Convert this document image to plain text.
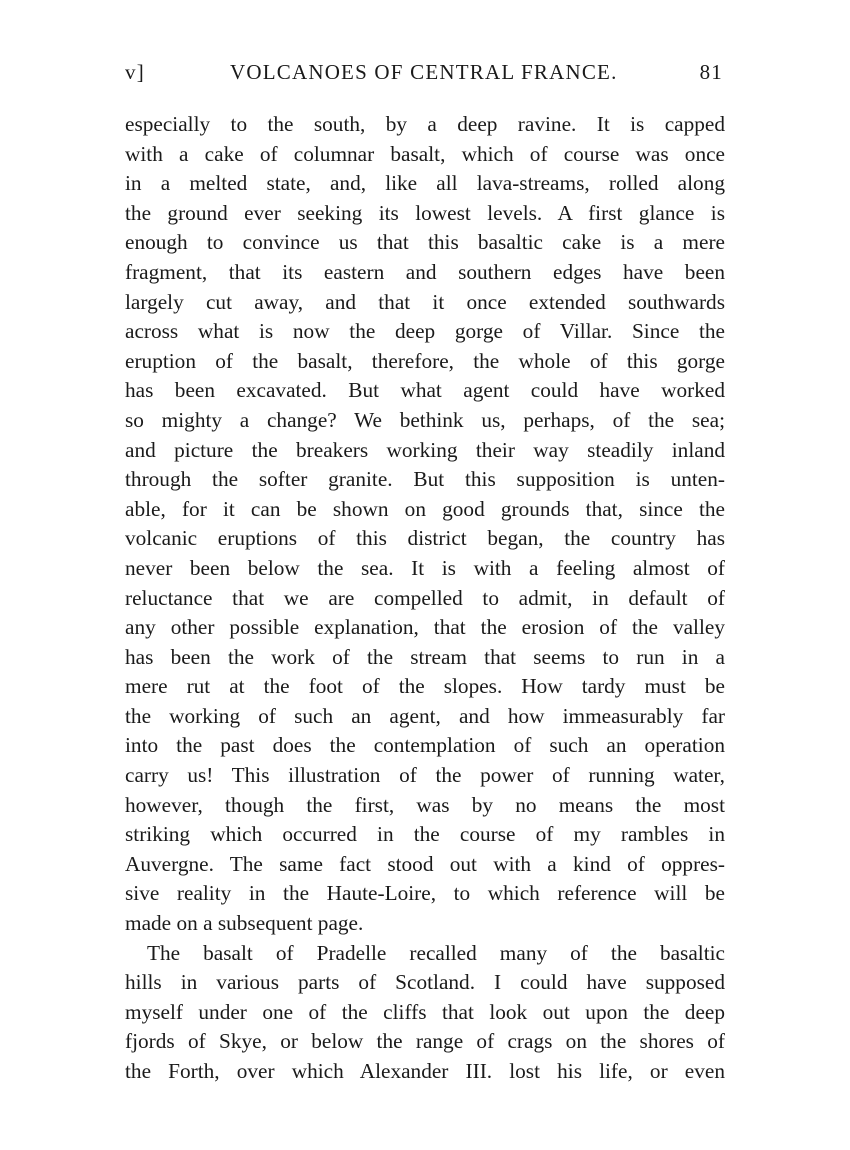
v]	VOLCANOES OF CENTRAL FRANCE.	81
especially to the south, by a deep ravine. It is capped
with a cake of columnar basalt, which of course was once
in a melted state, and, like all lava-streams, rolled along
the ground ever seeking its lowest levels. A first glance is
enough to convince us that this basaltic cake is a mere
fragment, that its eastern and southern edges have been
largely cut away, and that it once extended southwards
across what is now the deep gorge of Villar. Since the
eruption of the basalt, therefore, the whole of this gorge
has been excavated. But what agent could have worked
so mighty a change? We bethink us, perhaps, of the sea;
and picture the breakers working their way steadily inland
through the softer granite. But this supposition is unten-
able, for it can be shown on good grounds that, since the
volcanic eruptions of this district began, the country has
never been below the sea. It is with a feeling almost of
reluctance that we are compelled to admit, in default of
any other possible explanation, that the erosion of the valley
has been the work of the stream that seems to run in a
mere rut at the foot of the slopes. How tardy must be
the working of such an agent, and how immeasurably far
into the past does the contemplation of such an operation
carry us! This illustration of the power of running water,
however, though the first, was by no means the most
striking which occurred in the course of my rambles in
Auvergne. The same fact stood out with a kind of oppres-
sive reality in the Haute-Loire, to which reference will be
made on a subsequent page.
The basalt of Pradelle recalled many of the basaltic
hills in various parts of Scotland. I could have supposed
myself under one of the cliffs that look out upon the deep
fjords of Skye, or below the range of crags on the shores of
the Forth, over which Alexander III. lost his life, or even
